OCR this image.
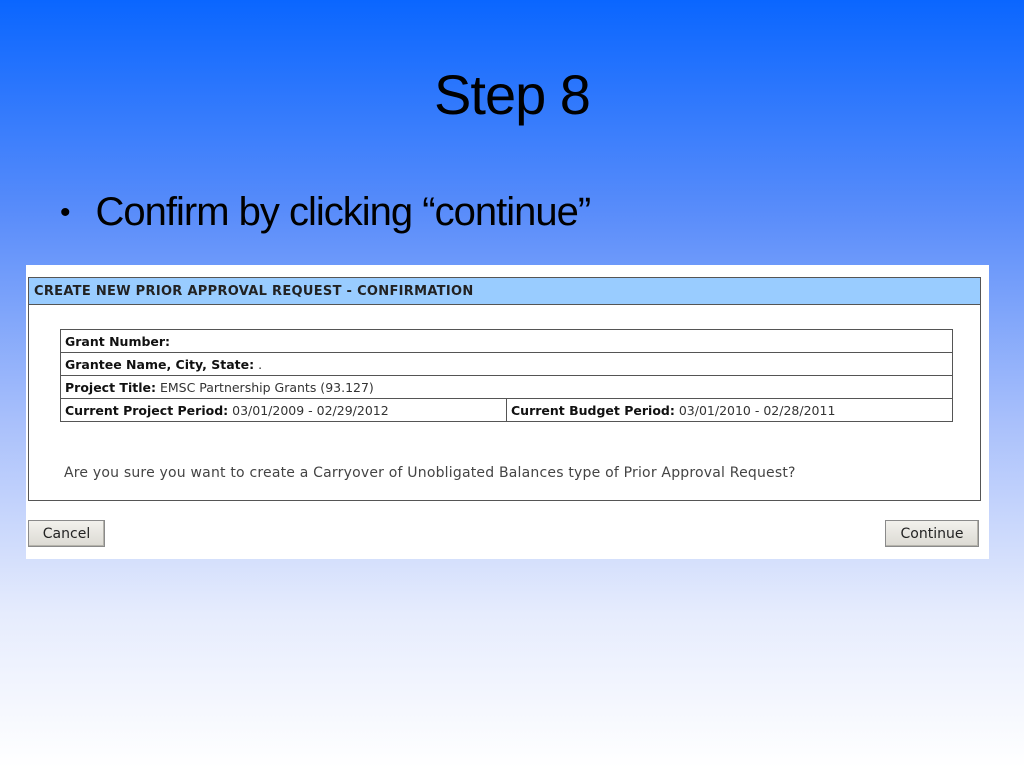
Step 8
• Confirm by clicking “continue”
CREATE NEW PRIOR APPROVAL REQUEST - CONFIRMATION
Grant Number:
Grantee Name, City, State: .
Project Title: EMSC Partnership Grants (93.127)
Current Project Period: 03/01/2009 - 02/29/2012	Current Budget Period: 03/01/2010 - 02/28/2011
Are you sure you want to create a Carryover of Unobligated Balances type of Prior Approval Request?
Cancel	Continue
